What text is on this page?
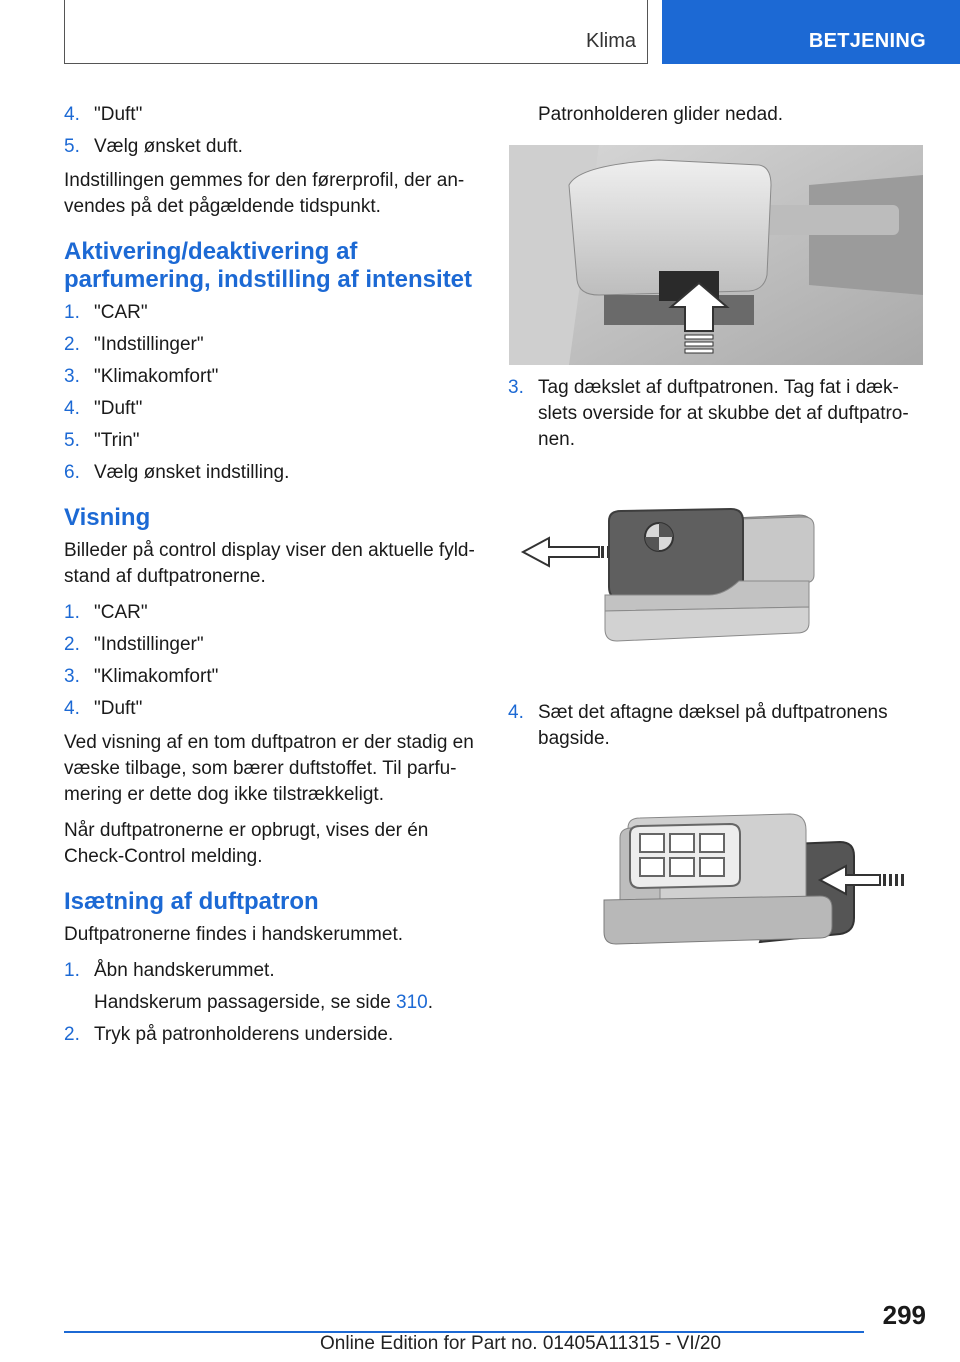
Klima	BETJENING
4. "Duft"
5. Vælg ønsket duft.

Indstillingen gemmes for den førerprofil, der an-vendes på det pågældende tidspunkt.

Aktivering/deaktivering af parfumering, indstilling af intensitet
1. "CAR"
2. "Indstillinger"
3. "Klimakomfort"
4. "Duft"
5. "Trin"
6. Vælg ønsket indstilling.
Visning

Billeder på control display viser den aktuelle fyld-stand af duftpatronerne.

1. "CAR"
2. "Indstillinger"
3. "Klimakomfort"
4. "Duft"

Ved visning af en tom duftpatron er der stadig en væske tilbage, som bærer duftstoffet. Til parfu-mering er dette dog ikke tilstrækkeligt.

Når duftpatronerne er opbrugt, vises der én Check-Control melding.

Isætning af duftpatron

Duftpatronerne findes i handskerummet.

1. Åbn handskerummet.
Handskerum passagerside, se side 310.
2. Tryk på patronholderens underside.

Patronholderen glider nedad.

3. Tag dækslet af duftpatronen. Tag fat i dæk-slets overside for at skubbe det af duftpatro-nen.
4. Sæt det aftagne dæksel på duftpatronens bagside.
299
Online Edition for Part no. 01405A11315 - VI/20
